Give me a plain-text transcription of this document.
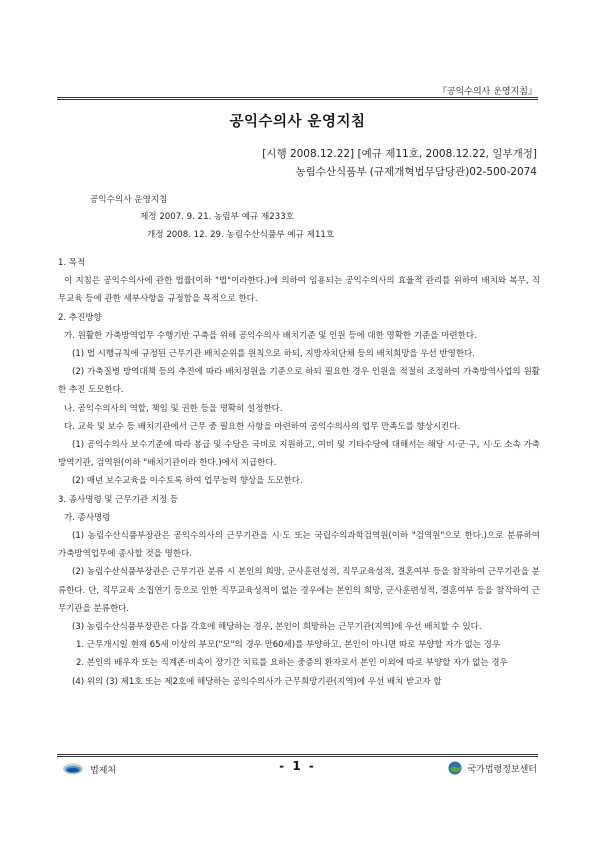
『공익수의사 운영지침』
공익수의사 운영지침
[시행 2008.12.22] [예규 제11호, 2008.12.22, 일부개정]
농림수산식품부 (규제개혁법무담당관)02-500-2074
공익수의사 운영지침
제정 2007. 9. 21. 농림부 예규 제233호
개정 2008. 12. 29. 농림수산식품부 예규 제11호

1. 목적

이 지침은 공익수의사에 관한 법률(이하 "법"이라한다.)에 의하여 임용되는 공익수의사의 효율적 관리를 위하여 배치와 복무, 직무교육 등에 관한 세부사항을 규정함을 목적으로 한다.

2. 추진방향

가. 원활한 가축방역업무 수행기반 구축을 위해 공익수의사 배치기준 및 인원 등에 대한 명확한 기준을 마련한다.

(1) 법 시행규칙에 규정된 근무기관 배치순위를 원칙으로 하되, 지방자치단체 등의 배치희망을 우선 반영한다.

(2) 가축질병 방역대책 등의 추진에 따라 배치정원을 기준으로 하되 필요한 경우 인원을 적절히 조정하여 가축방역사업의 원활한 추진 도모한다.

나. 공익수의사의 역할, 책임 및 권한 등을 명확히 설정한다.

다. 교육 및 보수 등 배치기관에서 근무 중 필요한 사항을 마련하여 공익수의사의 업무 만족도를 향상시킨다.

(1) 공익수의사 보수기준에 따라 봉급 및 수당은 국비로 지원하고, 여비 및 기타수당에 대해서는 해당 시·군·구, 시·도 소속 가축방역기관, 검역원(이하 "배치기관이라 한다.)에서 지급한다.

(2) 매년 보수교육을 이수토록 하여 업무능력 향상을 도모한다.

3. 종사명령 및 근무기관 지정 등

가. 종사명령

(1) 농림수산식품부장관은 공익수의사의 근무기관을 시·도 또는 국립수의과학검역원(이하 "검역원"으로 한다.)으로 분류하여 가축방역업무에 종사할 것을 명한다.

(2) 농림수산식품부장관은 근무기관 분류 시 본인의 희망, 군사훈련성적, 직무교육성적, 결혼여부 등을 참작하여 근무기관을 분류한다. 단, 직무교육 소집연기 등으로 인한 직무교육성적이 없는 경우에는 본인의 희망, 군사훈련성적, 결혼여부 등을 참작하여 근무기관을 분류한다.

(3) 농림수산식품부장관은 다음 각호에 해당하는 경우, 본인이 희망하는 근무기관(지역)에 우선 배치할 수 있다.

1. 근무개시일 현재 65세 이상의 부모("모"의 경우 만60세)를 부양하고, 본인이 아니면 따로 부양할 자가 없는 경우

2. 본인의 배우자 또는 직계존·비속이 장기간 치료를 요하는 중증의 환자로서 본인 이외에 따로 부양할 자가 없는 경우

(4) 위의 (3) 제1호 또는 제2호에 해당하는 공익수의사가 근무희망기관(지역)에 우선 배치 받고자 할

법제처	- 1 -	국가법령정보센터
